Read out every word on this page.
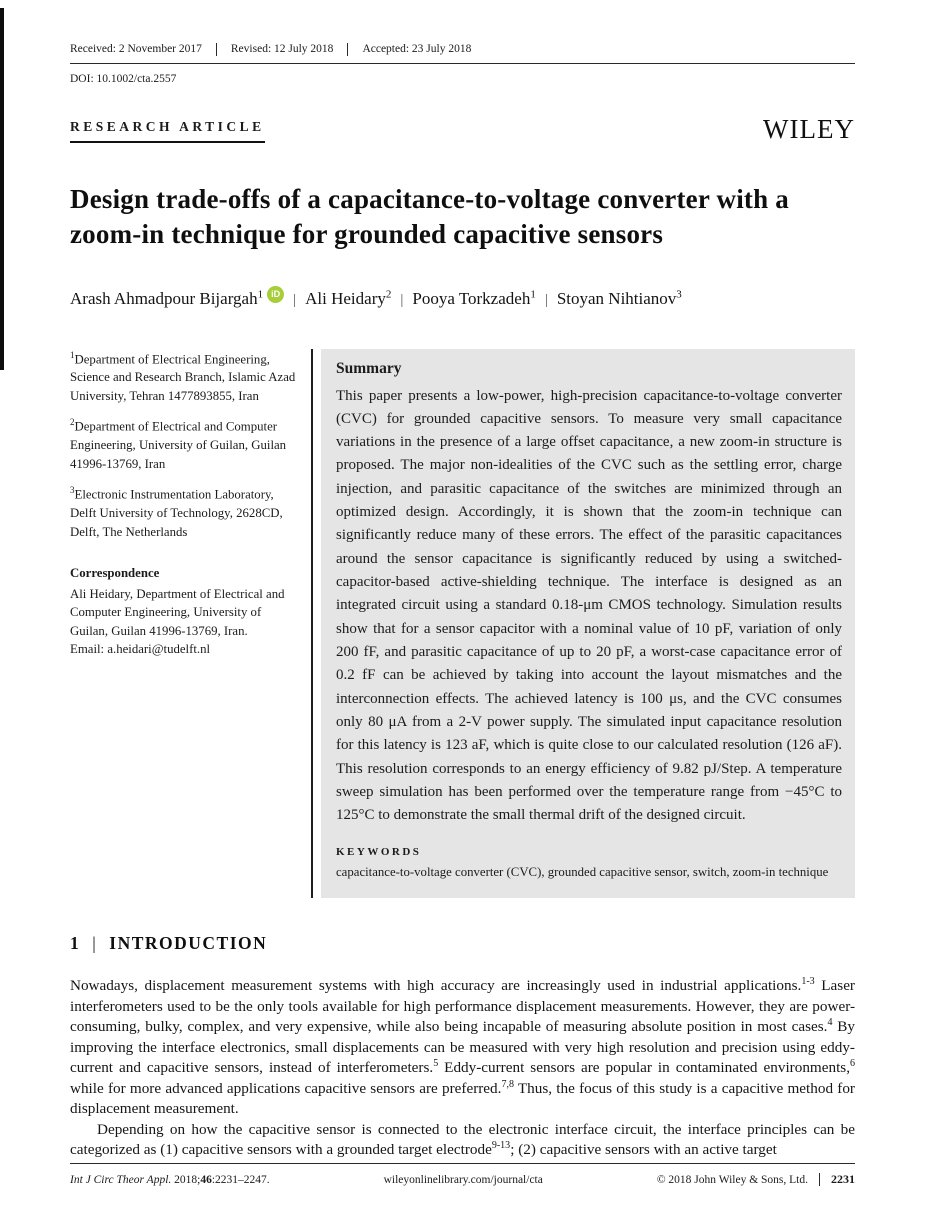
Received: 2 November 2017	Revised: 12 July 2018	Accepted: 23 July 2018
DOI: 10.1002/cta.2557
RESEARCH ARTICLE	WILEY
Design trade-offs of a capacitance-to-voltage converter with a zoom-in technique for grounded capacitive sensors
Arash Ahmadpour Bijargah$^1$ iD | Ali Heidary$^2$ | Pooya Torkzadeh$^1$ | Stoyan Nihtianov$^3$

$^1$Department of Electrical Engineering, Science and Research Branch, Islamic Azad University, Tehran 1477893855, Iran

$^2$Department of Electrical and Computer Engineering, University of Guilan, Guilan 41996-13769, Iran

$^3$Electronic Instrumentation Laboratory, Delft University of Technology, 2628CD, Delft, The Netherlands

Correspondence

Ali Heidary, Department of Electrical and Computer Engineering, University of Guilan, Guilan 41996-13769, Iran.
Email: a.heidari@tudelft.nl

Summary
This paper presents a low-power, high-precision capacitance-to-voltage converter (CVC) for grounded capacitive sensors. To measure very small capacitance variations in the presence of a large offset capacitance, a new zoom-in structure is proposed. The major non-idealities of the CVC such as the settling error, charge injection, and parasitic capacitance of the switches are minimized through an optimized design. Accordingly, it is shown that the zoom-in technique can significantly reduce many of these errors. The effect of the parasitic capacitances around the sensor capacitance is significantly reduced by using a switched-capacitor-based active-shielding technique. The interface is designed as an integrated circuit using a standard 0.18-μm CMOS technology. Simulation results show that for a sensor capacitor with a nominal value of 10 pF, variation of only 200 fF, and parasitic capacitance of up to 20 pF, a worst-case capacitance error of 0.2 fF can be achieved by taking into account the layout mismatches and the interconnection effects. The achieved latency is 100 μs, and the CVC consumes only 80 μA from a 2-V power supply. The simulated input capacitance resolution for this latency is 123 aF, which is quite close to our calculated resolution (126 aF). This resolution corresponds to an energy efficiency of 9.82 pJ/Step. A temperature sweep simulation has been performed over the temperature range from −45°C to 125°C to demonstrate the small thermal drift of the designed circuit.
KEYWORDS
capacitance-to-voltage converter (CVC), grounded capacitive sensor, switch, zoom-in technique
1 | INTRODUCTION

Nowadays, displacement measurement systems with high accuracy are increasingly used in industrial applications.$^{1-3}$ Laser interferometers used to be the only tools available for high performance displacement measurements. However, they are power-consuming, bulky, complex, and very expensive, while also being incapable of measuring absolute position in most cases.$^4$ By improving the interface electronics, small displacements can be measured with very high resolution and precision using eddy-current and capacitive sensors, instead of interferometers.$^5$ Eddy-current sensors are popular in contaminated environments,$^6$ while for more advanced applications capacitive sensors are preferred.$^{7,8}$ Thus, the focus of this study is a capacitive method for displacement measurement.

Depending on how the capacitive sensor is connected to the electronic interface circuit, the interface principles can be categorized as (1) capacitive sensors with a grounded target electrode$^{9-13}$; (2) capacitive sensors with an active target

Int J Circ Theor Appl. 2018;46:2231–2247.	wileyonlinelibrary.com/journal/cta	© 2018 John Wiley & Sons, Ltd. 2231
